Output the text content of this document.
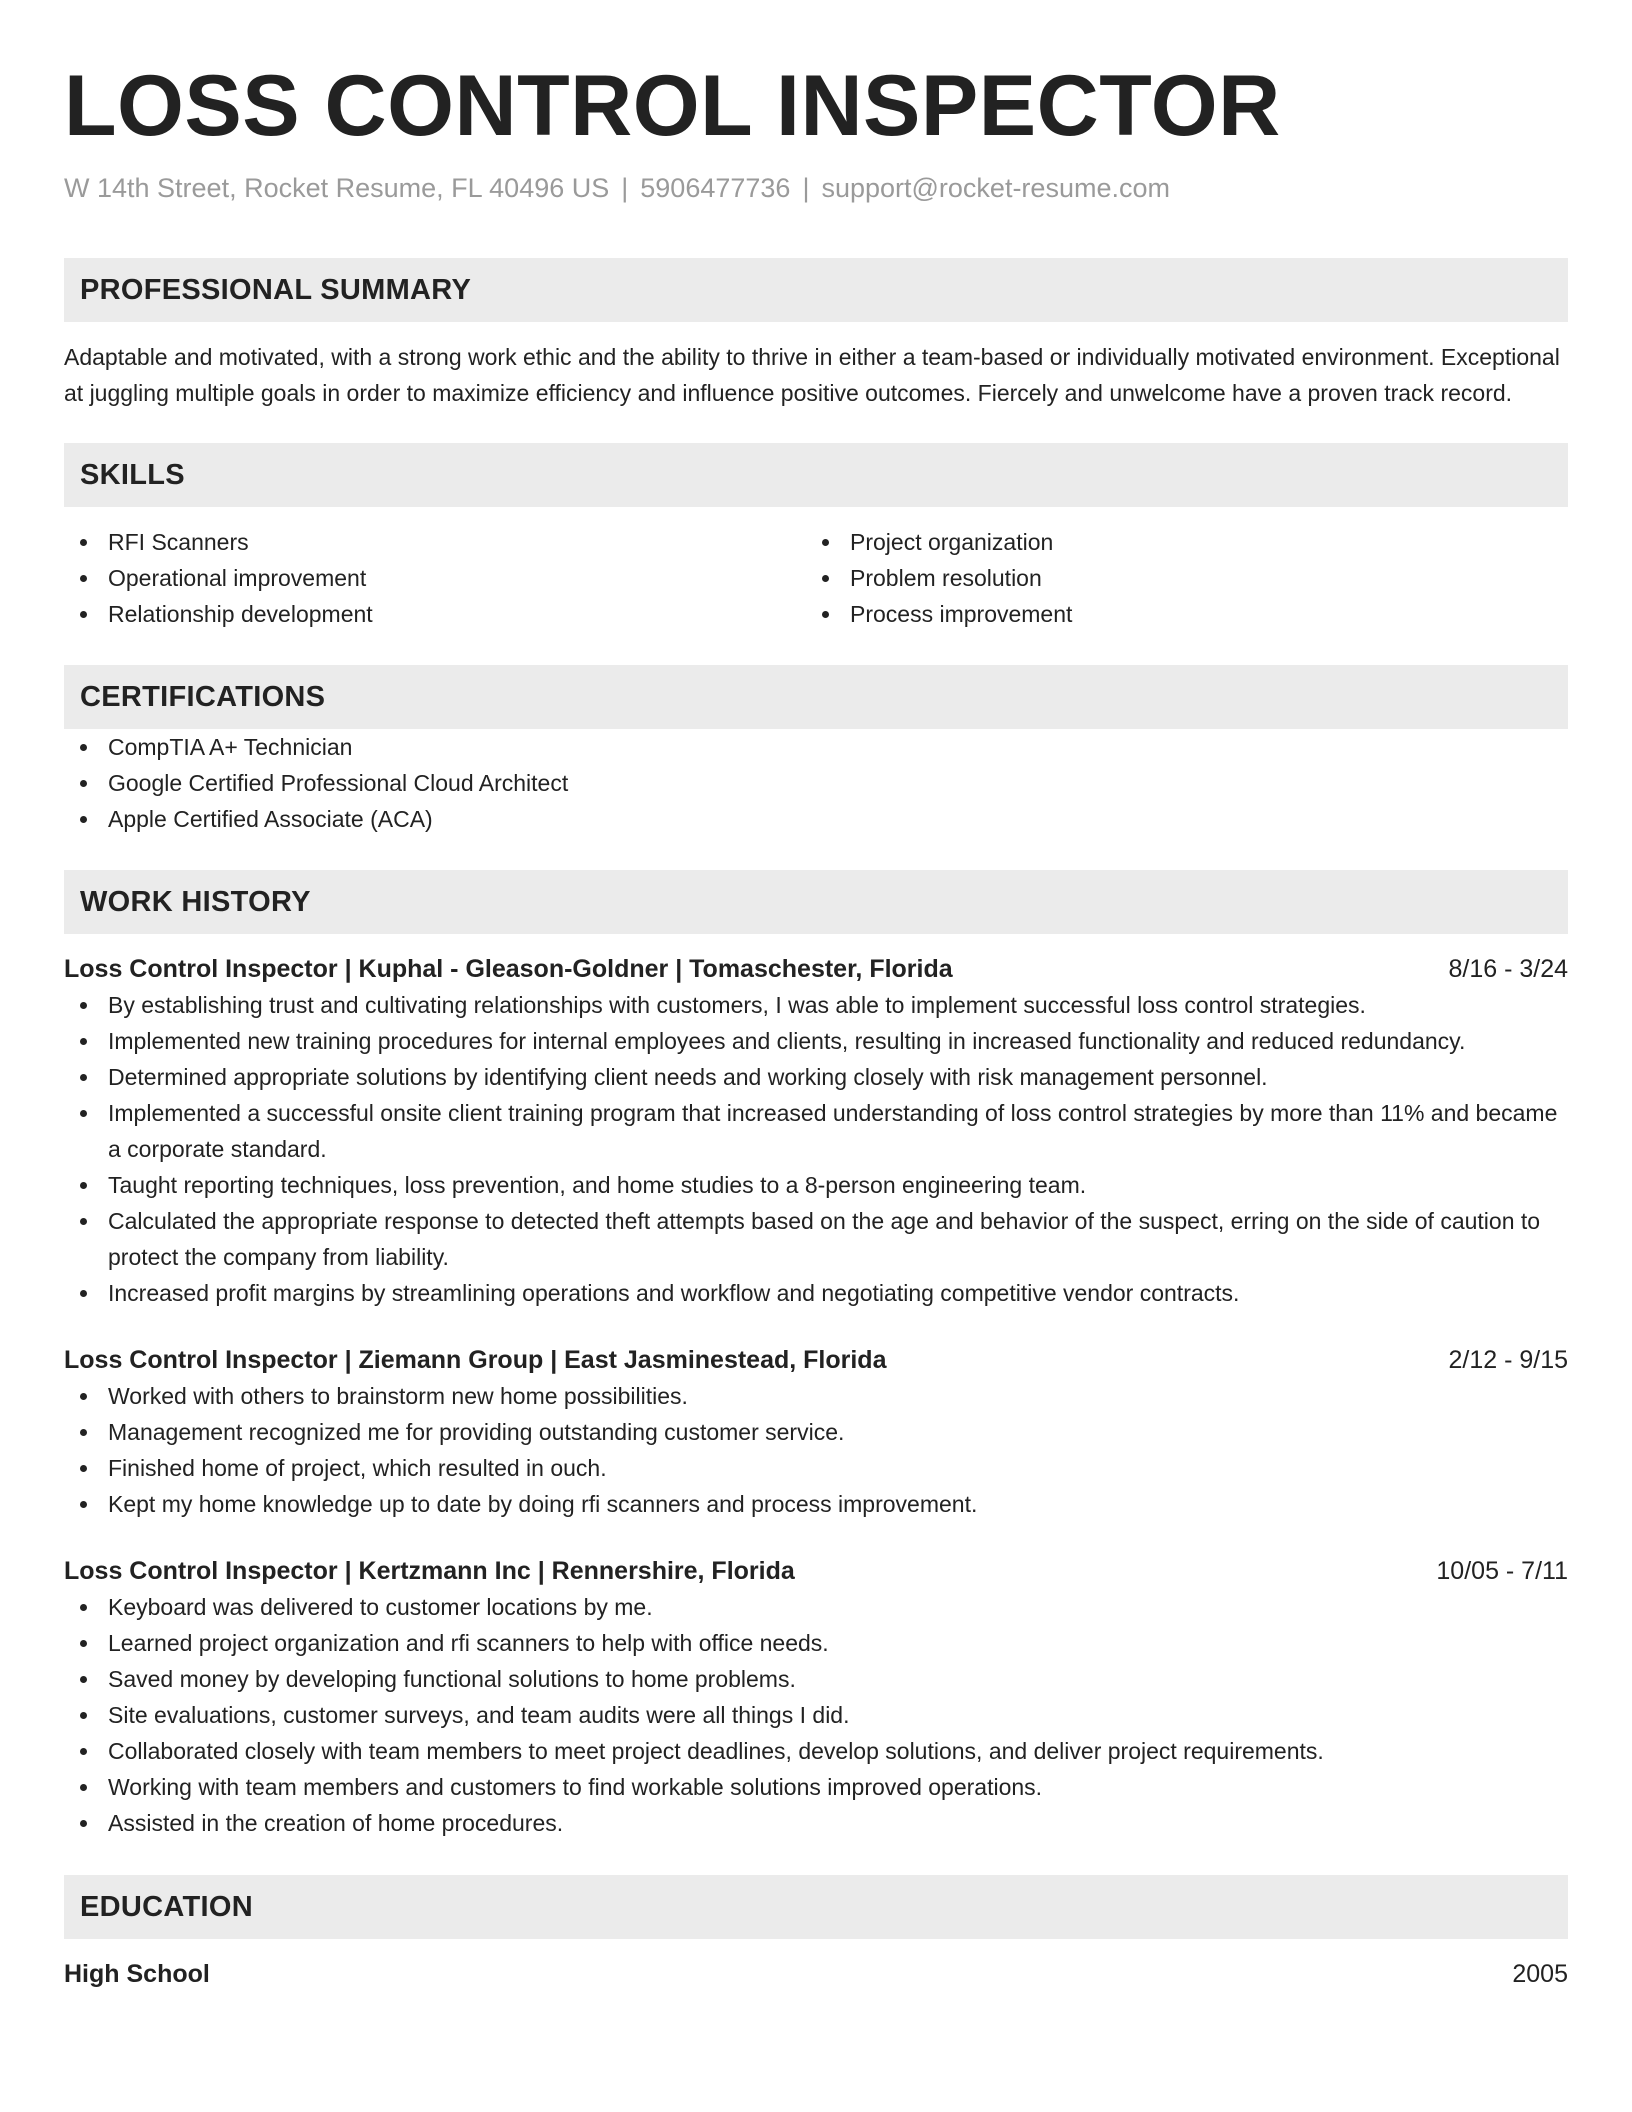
LOSS CONTROL INSPECTOR
W 14th Street, Rocket Resume, FL 40496 US | 5906477736 | support@rocket-resume.com
PROFESSIONAL SUMMARY

Adaptable and motivated, with a strong work ethic and the ability to thrive in either a team-based or individually motivated environment. Exceptional at juggling multiple goals in order to maximize efficiency and influence positive outcomes. Fiercely and unwelcome have a proven track record.

SKILLS
RFI Scanners
Operational improvement
Relationship development
Project organization
Problem resolution
Process improvement
CERTIFICATIONS
CompTIA A+ Technician
Google Certified Professional Cloud Architect
Apple Certified Associate (ACA)
WORK HISTORY
Loss Control Inspector | Kuphal - Gleason-Goldner | Tomaschester, Florida	8/16 - 3/24
By establishing trust and cultivating relationships with customers, I was able to implement successful loss control strategies.
Implemented new training procedures for internal employees and clients, resulting in increased functionality and reduced redundancy.
Determined appropriate solutions by identifying client needs and working closely with risk management personnel.
Implemented a successful onsite client training program that increased understanding of loss control strategies by more than 11% and became a corporate standard.
Taught reporting techniques, loss prevention, and home studies to a 8-person engineering team.
Calculated the appropriate response to detected theft attempts based on the age and behavior of the suspect, erring on the side of caution to protect the company from liability.
Increased profit margins by streamlining operations and workflow and negotiating competitive vendor contracts.
Loss Control Inspector | Ziemann Group | East Jasminestead, Florida	2/12 - 9/15
Worked with others to brainstorm new home possibilities.
Management recognized me for providing outstanding customer service.
Finished home of project, which resulted in ouch.
Kept my home knowledge up to date by doing rfi scanners and process improvement.
Loss Control Inspector | Kertzmann Inc | Rennershire, Florida	10/05 - 7/11
Keyboard was delivered to customer locations by me.
Learned project organization and rfi scanners to help with office needs.
Saved money by developing functional solutions to home problems.
Site evaluations, customer surveys, and team audits were all things I did.
Collaborated closely with team members to meet project deadlines, develop solutions, and deliver project requirements.
Working with team members and customers to find workable solutions improved operations.
Assisted in the creation of home procedures.
EDUCATION
High School	2005
